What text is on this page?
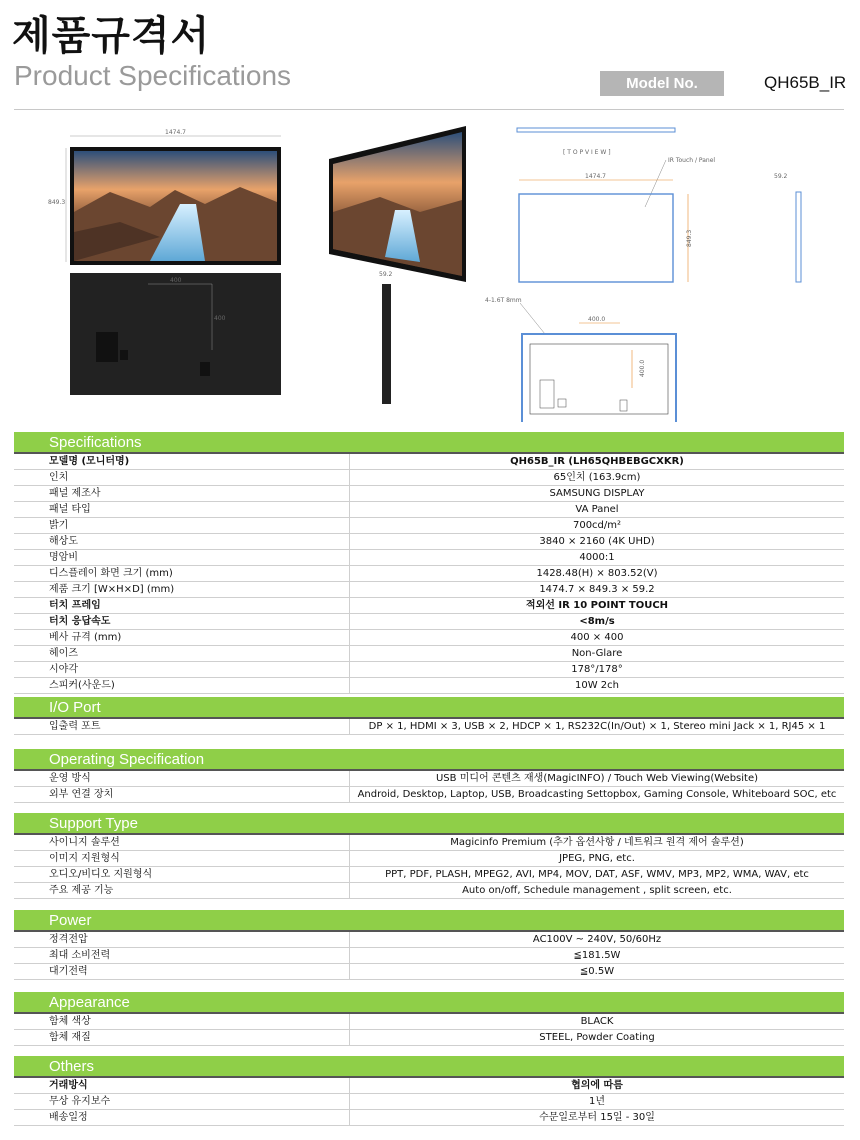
제품규격서
Product Specifications	Model No.	QH65B_IR
1474.7
849.3
400
400
59.2
[ T O P V I E W ]
IR Touch / Panel
1474.7
849.3
59.2
4-1.6T 8mm
400.0
400.0
Specifications
모델명 (모니터명)	QH65B_IR (LH65QHBEBGCXKR)
인치	65인치 (163.9cm)
패널 제조사	SAMSUNG DISPLAY
패널 타입	VA Panel
밝기	700cd/m²
해상도	3840 × 2160 (4K UHD)
명암비	4000:1
디스플레이 화면 크기 (mm)	1428.48(H) × 803.52(V)
제품 크기 [W×H×D] (mm)	1474.7 × 849.3 × 59.2
터치 프레임	적외선 IR 10 POINT TOUCH
터치 응답속도	<8m/s
베사 규격 (mm)	400 × 400
헤이즈	Non-Glare
시야각	178°/178°
스피커(사운드)	10W 2ch
I/O Port
입출력 포트	DP × 1, HDMI × 3, USB × 2, HDCP × 1, RS232C(In/Out) × 1, Stereo mini Jack × 1, RJ45 × 1
Operating Specification
운영 방식	USB 미디어 콘텐츠 재생(MagicINFO) / Touch Web Viewing(Website)
외부 연결 장치	Android, Desktop, Laptop, USB, Broadcasting Settopbox, Gaming Console, Whiteboard SOC, etc
Support Type
사이니지 솔루션	Magicinfo Premium (추가 옵션사항 / 네트워크 원격 제어 솔루션)
이미지 지원형식	JPEG, PNG, etc.
오디오/비디오 지원형식	PPT, PDF, PLASH, MPEG2, AVI, MP4, MOV, DAT, ASF, WMV, MP3, MP2, WMA, WAV, etc
주요 제공 기능	Auto on/off, Schedule management , split screen, etc.
Power
정격전압	AC100V ~ 240V, 50/60Hz
최대 소비전력	≦181.5W
대기전력	≦0.5W
Appearance
함체 색상	BLACK
함체 재질	STEEL, Powder Coating
Others
거래방식	협의에 따름
무상 유지보수	1년
배송일정	수문일로부터 15일 - 30일
